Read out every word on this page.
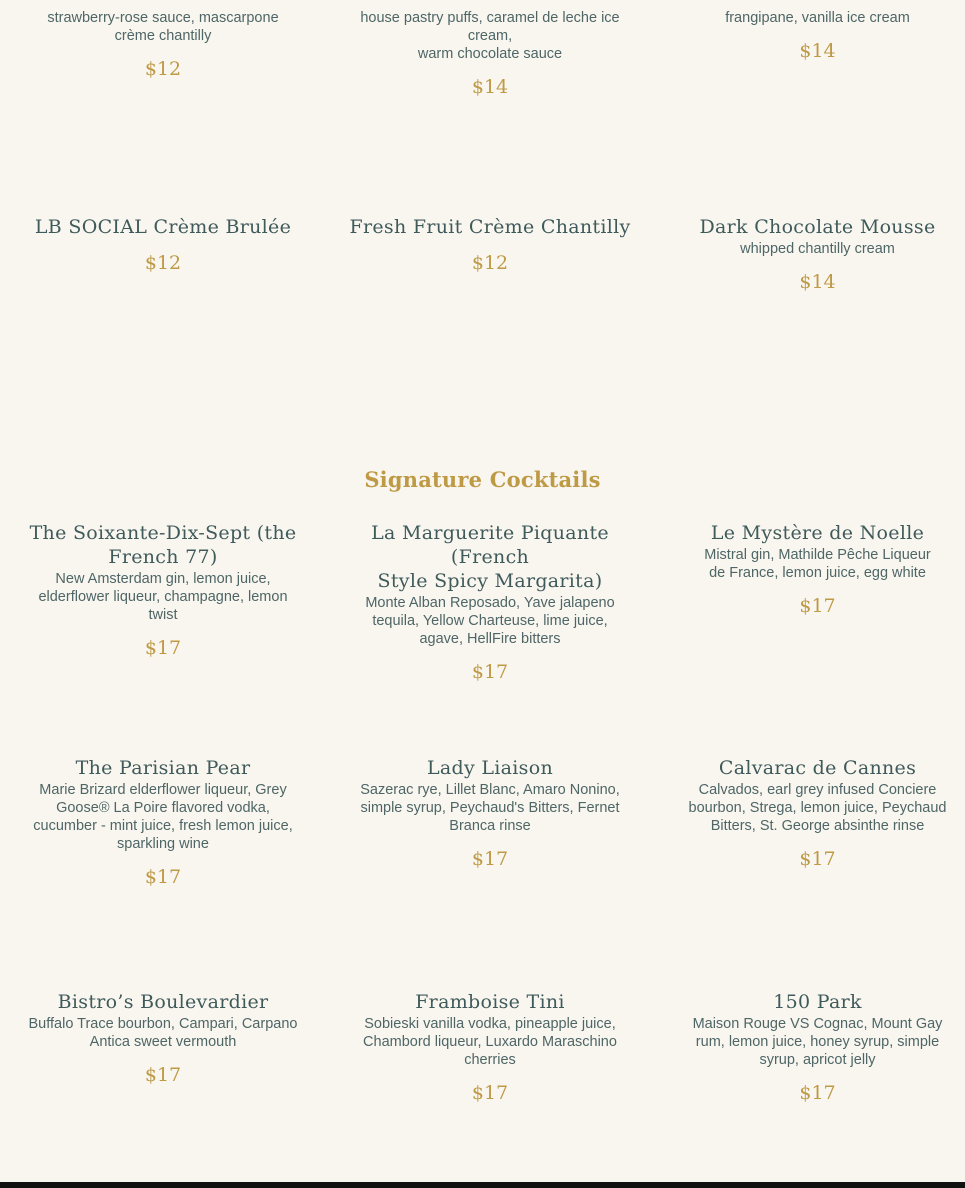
strawberry-rose sauce, mascarpone
crème chantilly
$12
house pastry puffs, caramel de leche ice
cream,
warm chocolate sauce
$14
frangipane, vanilla ice cream
$14
LB SOCIAL Crème Brulée
$12
Fresh Fruit Crème Chantilly
$12
Dark Chocolate Mousse
whipped chantilly cream
$14
Signature Cocktails
The Soixante-Dix-Sept (the
French 77)
New Amsterdam gin, lemon juice,
elderflower liqueur, champagne, lemon
twist
$17
La Marguerite Piquante (French
Style Spicy Margarita)
Monte Alban Reposado, Yave jalapeno
tequila, Yellow Charteuse, lime juice,
agave, HellFire bitters
$17
Le Mystère de Noelle
Mistral gin, Mathilde Pêche Liqueur
de France, lemon juice, egg white
$17
The Parisian Pear
Marie Brizard elderflower liqueur, Grey
Goose® La Poire flavored vodka,
cucumber - mint juice, fresh lemon juice,
sparkling wine
$17
Lady Liaison
Sazerac rye, Lillet Blanc, Amaro Nonino,
simple syrup, Peychaud's Bitters, Fernet
Branca rinse
$17
Calvarac de Cannes
Calvados, earl grey infused Conciere
bourbon, Strega, lemon juice, Peychaud
Bitters, St. George absinthe rinse
$17
Bistro’s Boulevardier
Buffalo Trace bourbon, Campari, Carpano
Antica sweet vermouth
$17
Framboise Tini
Sobieski vanilla vodka, pineapple juice,
Chambord liqueur, Luxardo Maraschino
cherries
$17
150 Park
Maison Rouge VS Cognac, Mount Gay
rum, lemon juice, honey syrup, simple
syrup, apricot jelly
$17
